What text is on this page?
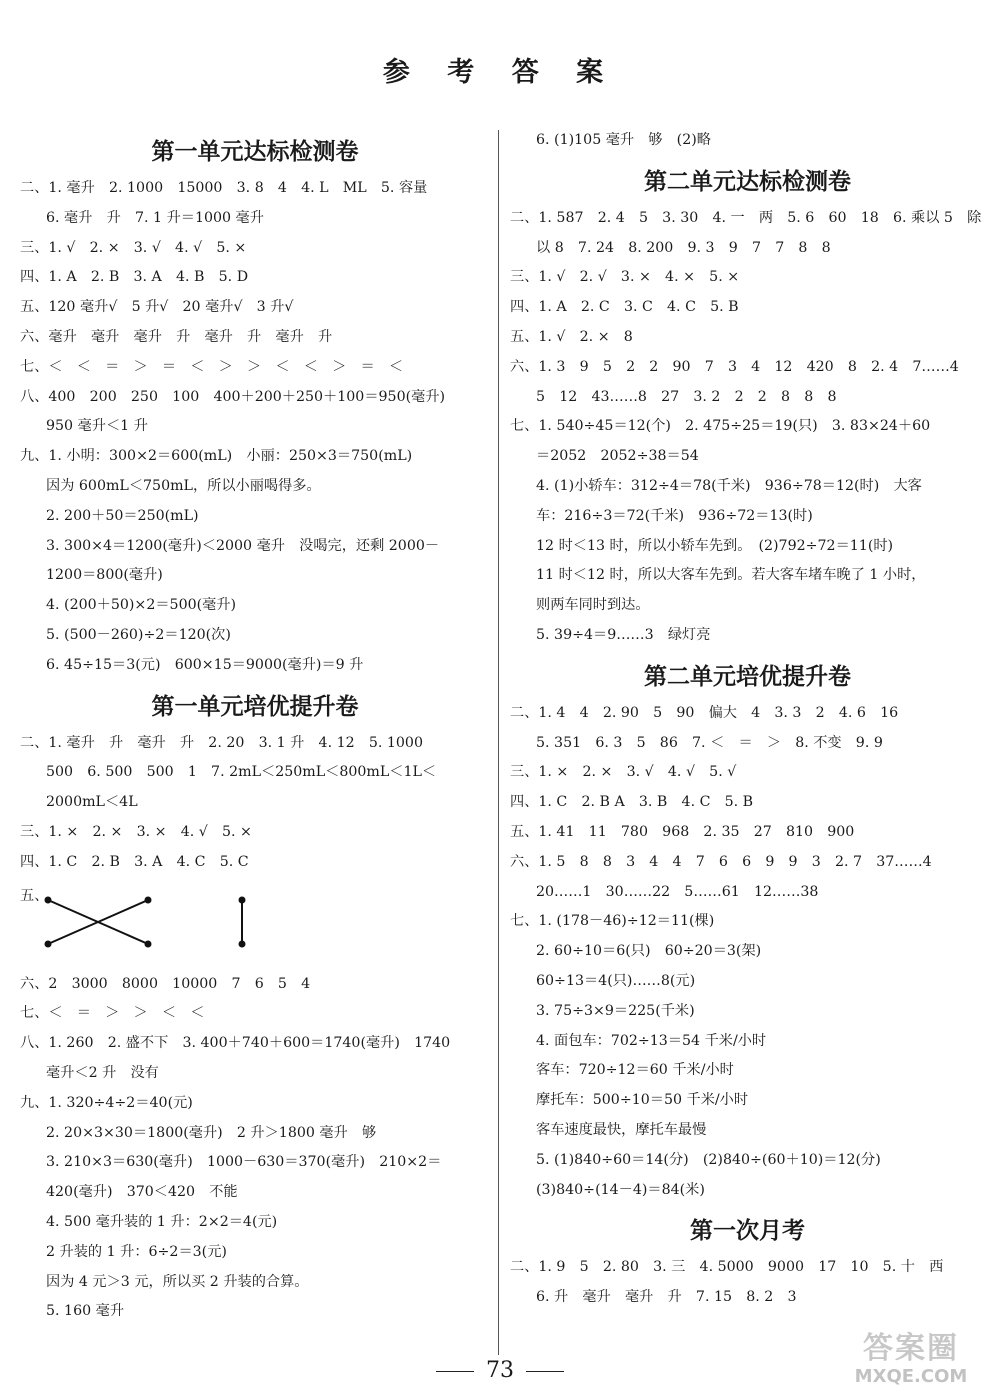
参 考 答 案
第一单元达标检测卷
二、1. 毫升　2. 1000　15000　3. 8　4　4. L　ML　5. 容量
6. 毫升　升　7. 1 升＝1000 毫升
三、1. √　2. ×　3. √　4. √　5. ×
四、1. A　2. B　3. A　4. B　5. D
五、120 毫升√　5 升√　20 毫升√　3 升√
六、毫升　毫升　毫升　升　毫升　升　毫升　升
七、＜　＜　＝　＞　＝　＜　＞　＞　＜　＜　＞　＝　＜
八、400　200　250　100　400＋200＋250＋100＝950(毫升)
950 毫升＜1 升
九、1. 小明：300×2＝600(mL)　小丽：250×3＝750(mL)
因为 600mL＜750mL，所以小丽喝得多。
2. 200＋50＝250(mL)
3. 300×4＝1200(毫升)＜2000 毫升　没喝完，还剩 2000－
1200＝800(毫升)
4. (200＋50)×2＝500(毫升)
5. (500－260)÷2＝120(次)
6. 45÷15＝3(元)　600×15＝9000(毫升)＝9 升
第一单元培优提升卷
二、1. 毫升　升　毫升　升　2. 20　3. 1 升　4. 12　5. 1000
500　6. 500　500　1　7. 2mL＜250mL＜800mL＜1L＜
2000mL＜4L
三、1. ×　2. ×　3. ×　4. √　5. ×
四、1. C　2. B　3. A　4. C　5. C
五、
六、2　3000　8000　10000　7　6　5　4
七、＜　＝　＞　＞　＜　＜
八、1. 260　2. 盛不下　3. 400＋740＋600＝1740(毫升)　1740
毫升＜2 升　没有
九、1. 320÷4÷2＝40(元)
2. 20×3×30＝1800(毫升)　2 升＞1800 毫升　够
3. 210×3＝630(毫升)　1000－630＝370(毫升)　210×2＝
420(毫升)　370＜420　不能
4. 500 毫升装的 1 升：2×2＝4(元)
2 升装的 1 升：6÷2＝3(元)
因为 4 元＞3 元，所以买 2 升装的合算。
5. 160 毫升
6. (1)105 毫升　够　(2)略
第二单元达标检测卷
二、1. 587　2. 4　5　3. 30　4. 一　两　5. 6　60　18　6. 乘以 5　除
以 8　7. 24　8. 200　9. 3　9　7　7　8　8
三、1. √　2. √　3. ×　4. ×　5. ×
四、1. A　2. C　3. C　4. C　5. B
五、1. √　2. ×　8
六、1. 3　9　5　2　2　90　7　3　4　12　420　8　2. 4　7……4
5　12　43……8　27　3. 2　2　2　8　8　8
七、1. 540÷45＝12(个)　2. 475÷25＝19(只)　3. 83×24＋60
＝2052　2052÷38＝54
4. (1)小轿车：312÷4＝78(千米)　936÷78＝12(时)　大客
车：216÷3＝72(千米)　936÷72＝13(时)
12 时＜13 时，所以小轿车先到。　(2)792÷72＝11(时)
11 时＜12 时，所以大客车先到。若大客车堵车晚了 1 小时，
则两车同时到达。
5. 39÷4＝9……3　绿灯亮
第二单元培优提升卷
二、1. 4　4　2. 90　5　90　偏大　4　3. 3　2　4. 6　16
5. 351　6. 3　5　86　7. ＜　＝　＞　8. 不变　9. 9
三、1. ×　2. ×　3. √　4. √　5. √
四、1. C　2. B A　3. B　4. C　5. B
五、1. 41　11　780　968　2. 35　27　810　900
六、1. 5　8　8　3　4　4　7　6　6　9　9　3　2. 7　37……4
20……1　30……22　5……61　12……38
七、1. (178－46)÷12＝11(棵)
2. 60÷10＝6(只)　60÷20＝3(架)
60÷13＝4(只)……8(元)
3. 75÷3×9＝225(千米)
4. 面包车：702÷13＝54 千米/小时
客车：720÷12＝60 千米/小时
摩托车：500÷10＝50 千米/小时
客车速度最快，摩托车最慢
5. (1)840÷60＝14(分)　(2)840÷(60＋10)＝12(分)
(3)840÷(14－4)＝84(米)
第一次月考
二、1. 9　5　2. 80　3. 三　4. 5000　9000　17　10　5. 十　西
6. 升　毫升　毫升　升　7. 15　8. 2　3
73
答案圈
MXQE.COM
